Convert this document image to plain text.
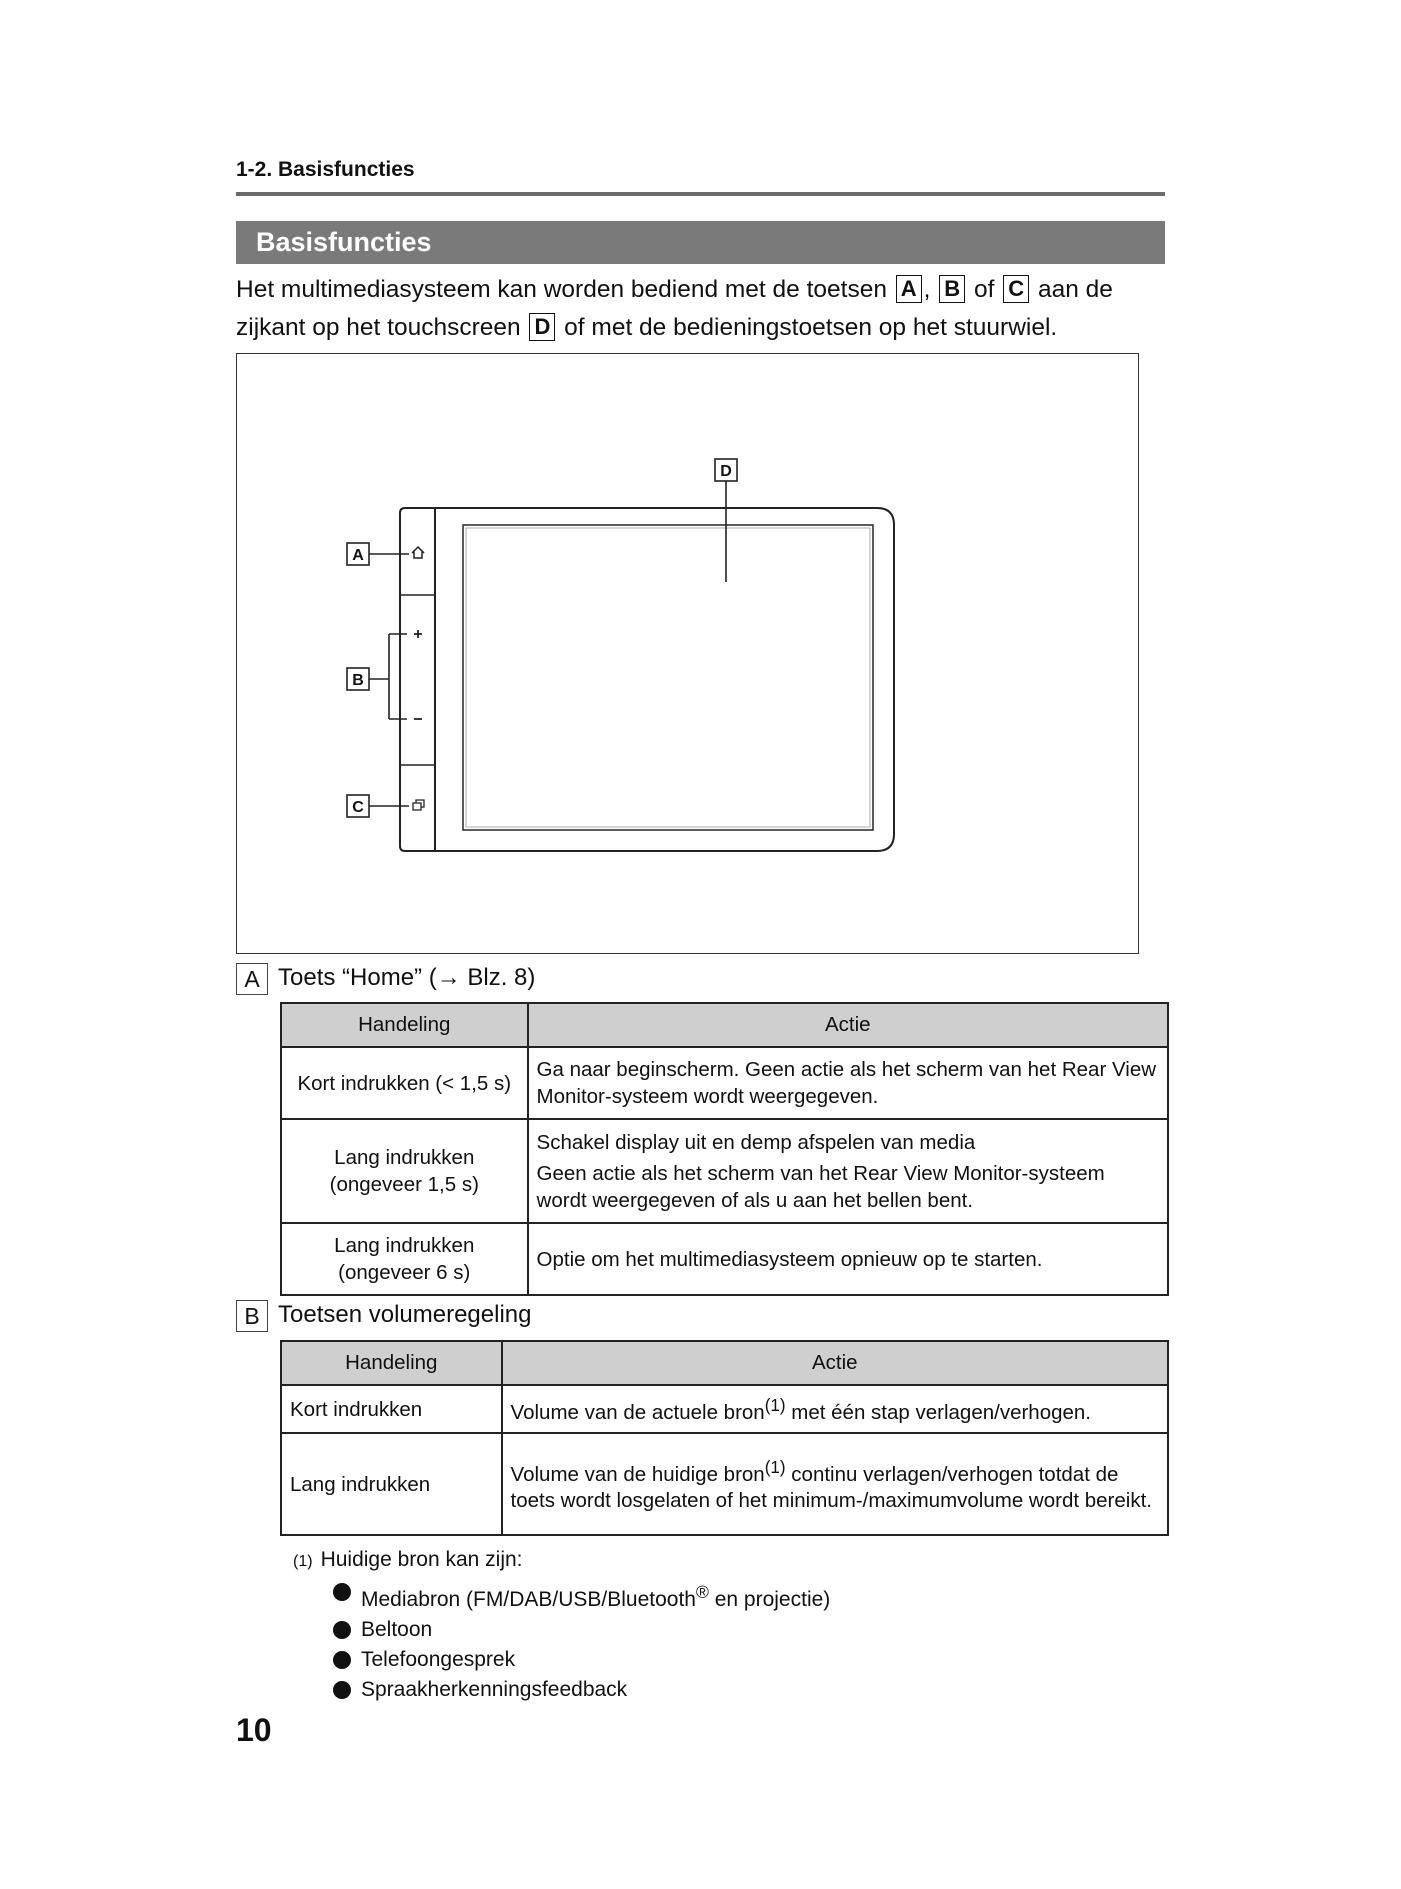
1-2. Basisfuncties
Basisfuncties
Het multimediasysteem kan worden bediend met de toetsen A , B of C aan de zijkant op het touchscreen D of met de bedieningstoetsen op het stuurwiel.
A
B
C
D
A Toets “Home” (→ Blz. 8)
Handeling	Actie
Kort indrukken (< 1,5 s)	Ga naar beginscherm. Geen actie als het scherm van het Rear View Monitor-systeem wordt weergegeven.
Lang indrukken (ongeveer 1,5 s)	Schakel display uit en demp afspelen van media
Geen actie als het scherm van het Rear View Monitor-systeem wordt weergegeven of als u aan het bellen bent.

Lang indrukken (ongeveer 6 s)	Optie om het multimediasysteem opnieuw op te starten.
B Toetsen volumeregeling
Handeling	Actie
Kort indrukken	Volume van de actuele bron$^{(1)}$ met één stap verlagen/verhogen.
Lang indrukken	Volume van de huidige bron$^{(1)}$ continu verlagen/verhogen totdat de toets wordt losgelaten of het minimum-/maximumvolume wordt bereikt.
(1) Huidige bron kan zijn:
Mediabron (FM/DAB/USB/Bluetooth® en projectie)
Beltoon
Telefoongesprek
Spraakherkenningsfeedback
10
